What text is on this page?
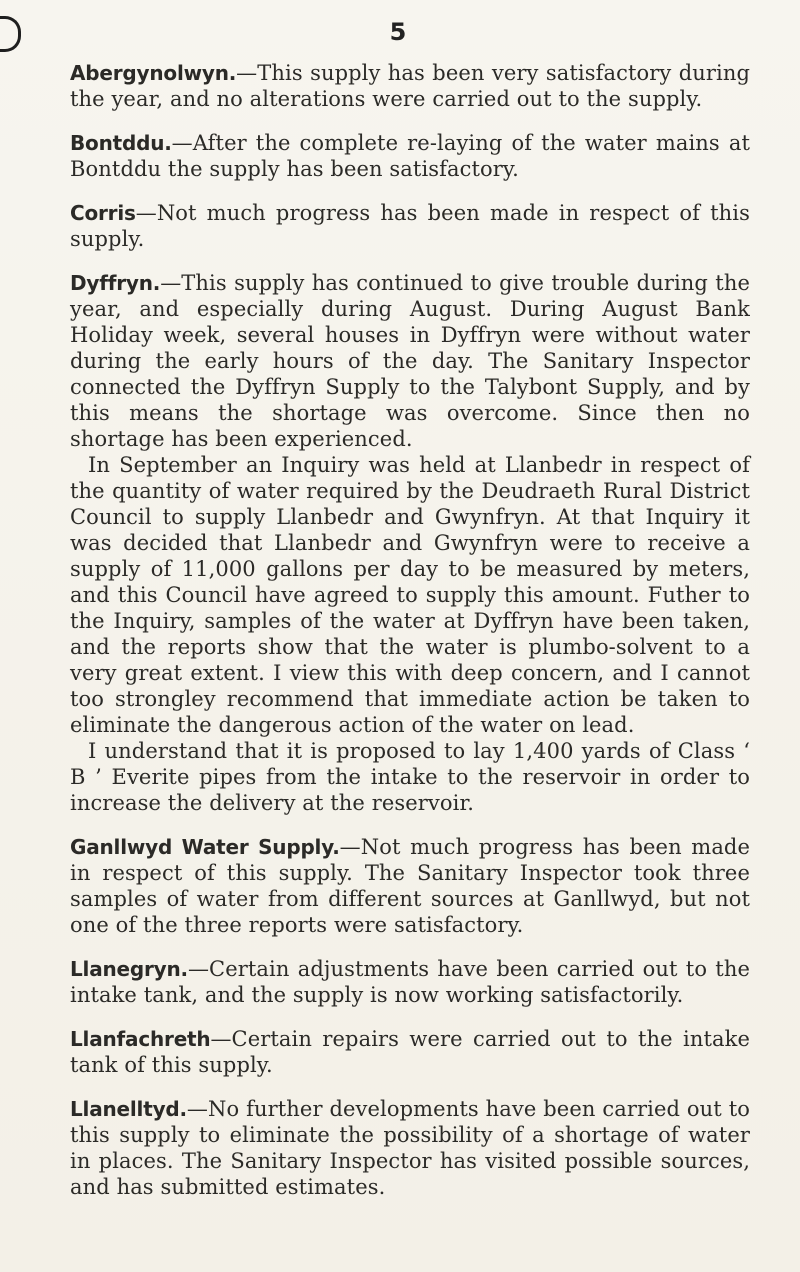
5

Abergynolwyn.—This supply has been very satisfactory during the year, and no alterations were carried out to the supply.

Bontddu.—After the complete re-laying of the water mains at Bontddu the supply has been satisfactory.

Corris—Not much progress has been made in respect of this supply.

Dyffryn.—This supply has continued to give trouble during the year, and especially during August. During August Bank Holiday week, several houses in Dyffryn were without water during the early hours of the day. The Sanitary Inspector connected the Dyffryn Supply to the Talybont Supply, and by this means the shortage was overcome. Since then no shortage has been experienced.

In September an Inquiry was held at Llanbedr in respect of the quantity of water required by the Deudraeth Rural District Council to supply Llanbedr and Gwynfryn. At that Inquiry it was decided that Llanbedr and Gwynfryn were to receive a supply of 11,000 gallons per day to be measured by meters, and this Council have agreed to supply this amount. Futher to the Inquiry, samples of the water at Dyffryn have been taken, and the reports show that the water is plumbo-solvent to a very great extent. I view this with deep concern, and I cannot too strongley recommend that immediate action be taken to eliminate the dangerous action of the water on lead.

I understand that it is proposed to lay 1,400 yards of Class ‘ B ’ Everite pipes from the intake to the reservoir in order to increase the delivery at the reservoir.

Ganllwyd Water Supply.—Not much progress has been made in respect of this supply. The Sanitary Inspector took three samples of water from different sources at Ganllwyd, but not one of the three reports were satisfactory.

Llanegryn.—Certain adjustments have been carried out to the intake tank, and the supply is now working satisfactorily.

Llanfachreth—Certain repairs were carried out to the intake tank of this supply.

Llanelltyd.—No further developments have been carried out to this supply to eliminate the possibility of a shortage of water in places. The Sanitary Inspector has visited possible sources, and has submitted estimates.
